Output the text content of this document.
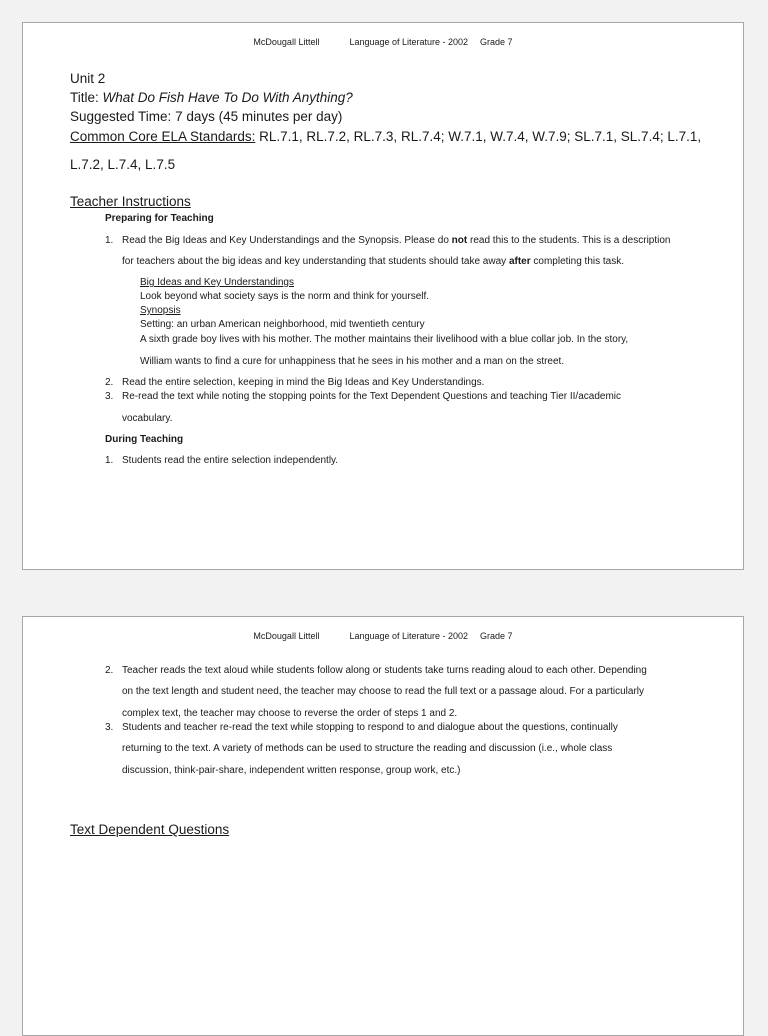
McDougall Littell	Language of Literature - 2002 Grade 7
Unit 2
Title: What Do Fish Have To Do With Anything?
Suggested Time: 7 days (45 minutes per day)
Common Core ELA Standards: RL.7.1, RL.7.2, RL.7.3, RL.7.4; W.7.1, W.7.4, W.7.9; SL.7.1, SL.7.4; L.7.1,
L.7.2, L.7.4, L.7.5
Teacher Instructions
Preparing for Teaching
1. Read the Big Ideas and Key Understandings and the Synopsis. Please do not read this to the students. This is a description
for teachers about the big ideas and key understanding that students should take away after completing this task.
Big Ideas and Key Understandings
Look beyond what society says is the norm and think for yourself.
Synopsis
Setting: an urban American neighborhood, mid twentieth century
A sixth grade boy lives with his mother. The mother maintains their livelihood with a blue collar job. In the story,
William wants to find a cure for unhappiness that he sees in his mother and a man on the street.
2. Read the entire selection, keeping in mind the Big Ideas and Key Understandings.
3. Re-read the text while noting the stopping points for the Text Dependent Questions and teaching Tier II/academic
vocabulary.
During Teaching
1. Students read the entire selection independently.
McDougall Littell	Language of Literature - 2002 Grade 7
2. Teacher reads the text aloud while students follow along or students take turns reading aloud to each other. Depending
on the text length and student need, the teacher may choose to read the full text or a passage aloud. For a particularly
complex text, the teacher may choose to reverse the order of steps 1 and 2.
3. Students and teacher re-read the text while stopping to respond to and dialogue about the questions, continually
returning to the text. A variety of methods can be used to structure the reading and discussion (i.e., whole class
discussion, think-pair-share, independent written response, group work, etc.)
Text Dependent Questions
